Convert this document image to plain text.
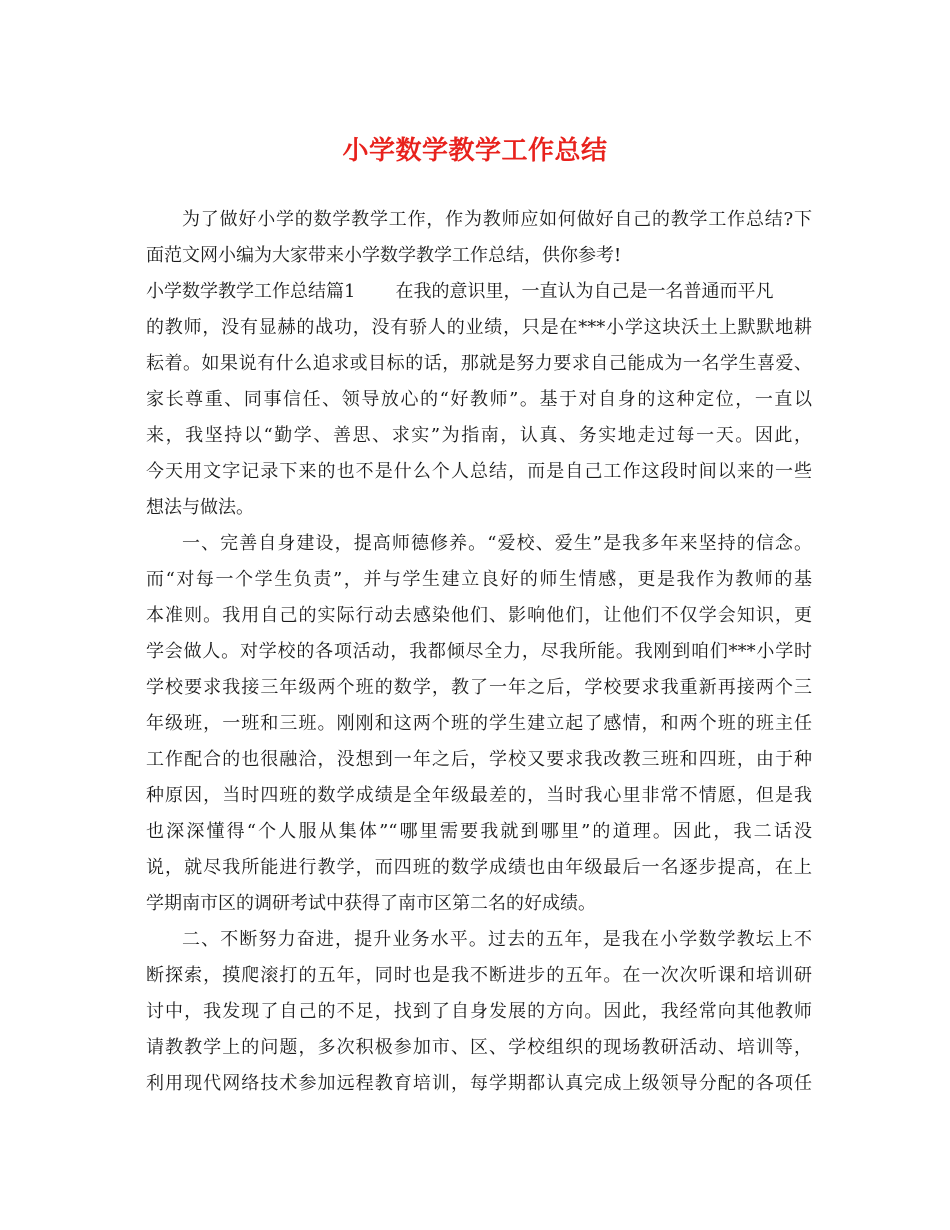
小学数学教学工作总结
为了做好小学的数学教学工作，作为教师应如何做好自己的教学工作总结?下
面范文网小编为大家带来小学数学教学工作总结，供你参考!
小学数学教学工作总结篇1 在我的意识里，一直认为自己是一名普通而平凡
的教师，没有显赫的战功，没有骄人的业绩，只是在***小学这块沃土上默默地耕
耘着。如果说有什么追求或目标的话，那就是努力要求自己能成为一名学生喜爱、
家长尊重、同事信任、领导放心的“好教师”。基于对自身的这种定位，一直以
来，我坚持以“勤学、善思、求实”为指南，认真、务实地走过每一天。因此，
今天用文字记录下来的也不是什么个人总结，而是自己工作这段时间以来的一些
想法与做法。
一、完善自身建设，提高师德修养。“爱校、爱生”是我多年来坚持的信念。
而“对每一个学生负责”，并与学生建立良好的师生情感，更是我作为教师的基
本准则。我用自己的实际行动去感染他们、影响他们，让他们不仅学会知识，更
学会做人。对学校的各项活动，我都倾尽全力，尽我所能。我刚到咱们***小学时
学校要求我接三年级两个班的数学，教了一年之后，学校要求我重新再接两个三
年级班，一班和三班。刚刚和这两个班的学生建立起了感情，和两个班的班主任
工作配合的也很融洽，没想到一年之后，学校又要求我改教三班和四班，由于种
种原因，当时四班的数学成绩是全年级最差的，当时我心里非常不情愿，但是我
也深深懂得“个人服从集体”“哪里需要我就到哪里”的道理。因此，我二话没
说，就尽我所能进行教学，而四班的数学成绩也由年级最后一名逐步提高，在上
学期南市区的调研考试中获得了南市区第二名的好成绩。
二、不断努力奋进，提升业务水平。过去的五年，是我在小学数学教坛上不
断探索，摸爬滚打的五年，同时也是我不断进步的五年。在一次次听课和培训研
讨中，我发现了自己的不足，找到了自身发展的方向。因此，我经常向其他教师
请教教学上的问题，多次积极参加市、区、学校组织的现场教研活动、培训等，
利用现代网络技术参加远程教育培训，每学期都认真完成上级领导分配的各项任
